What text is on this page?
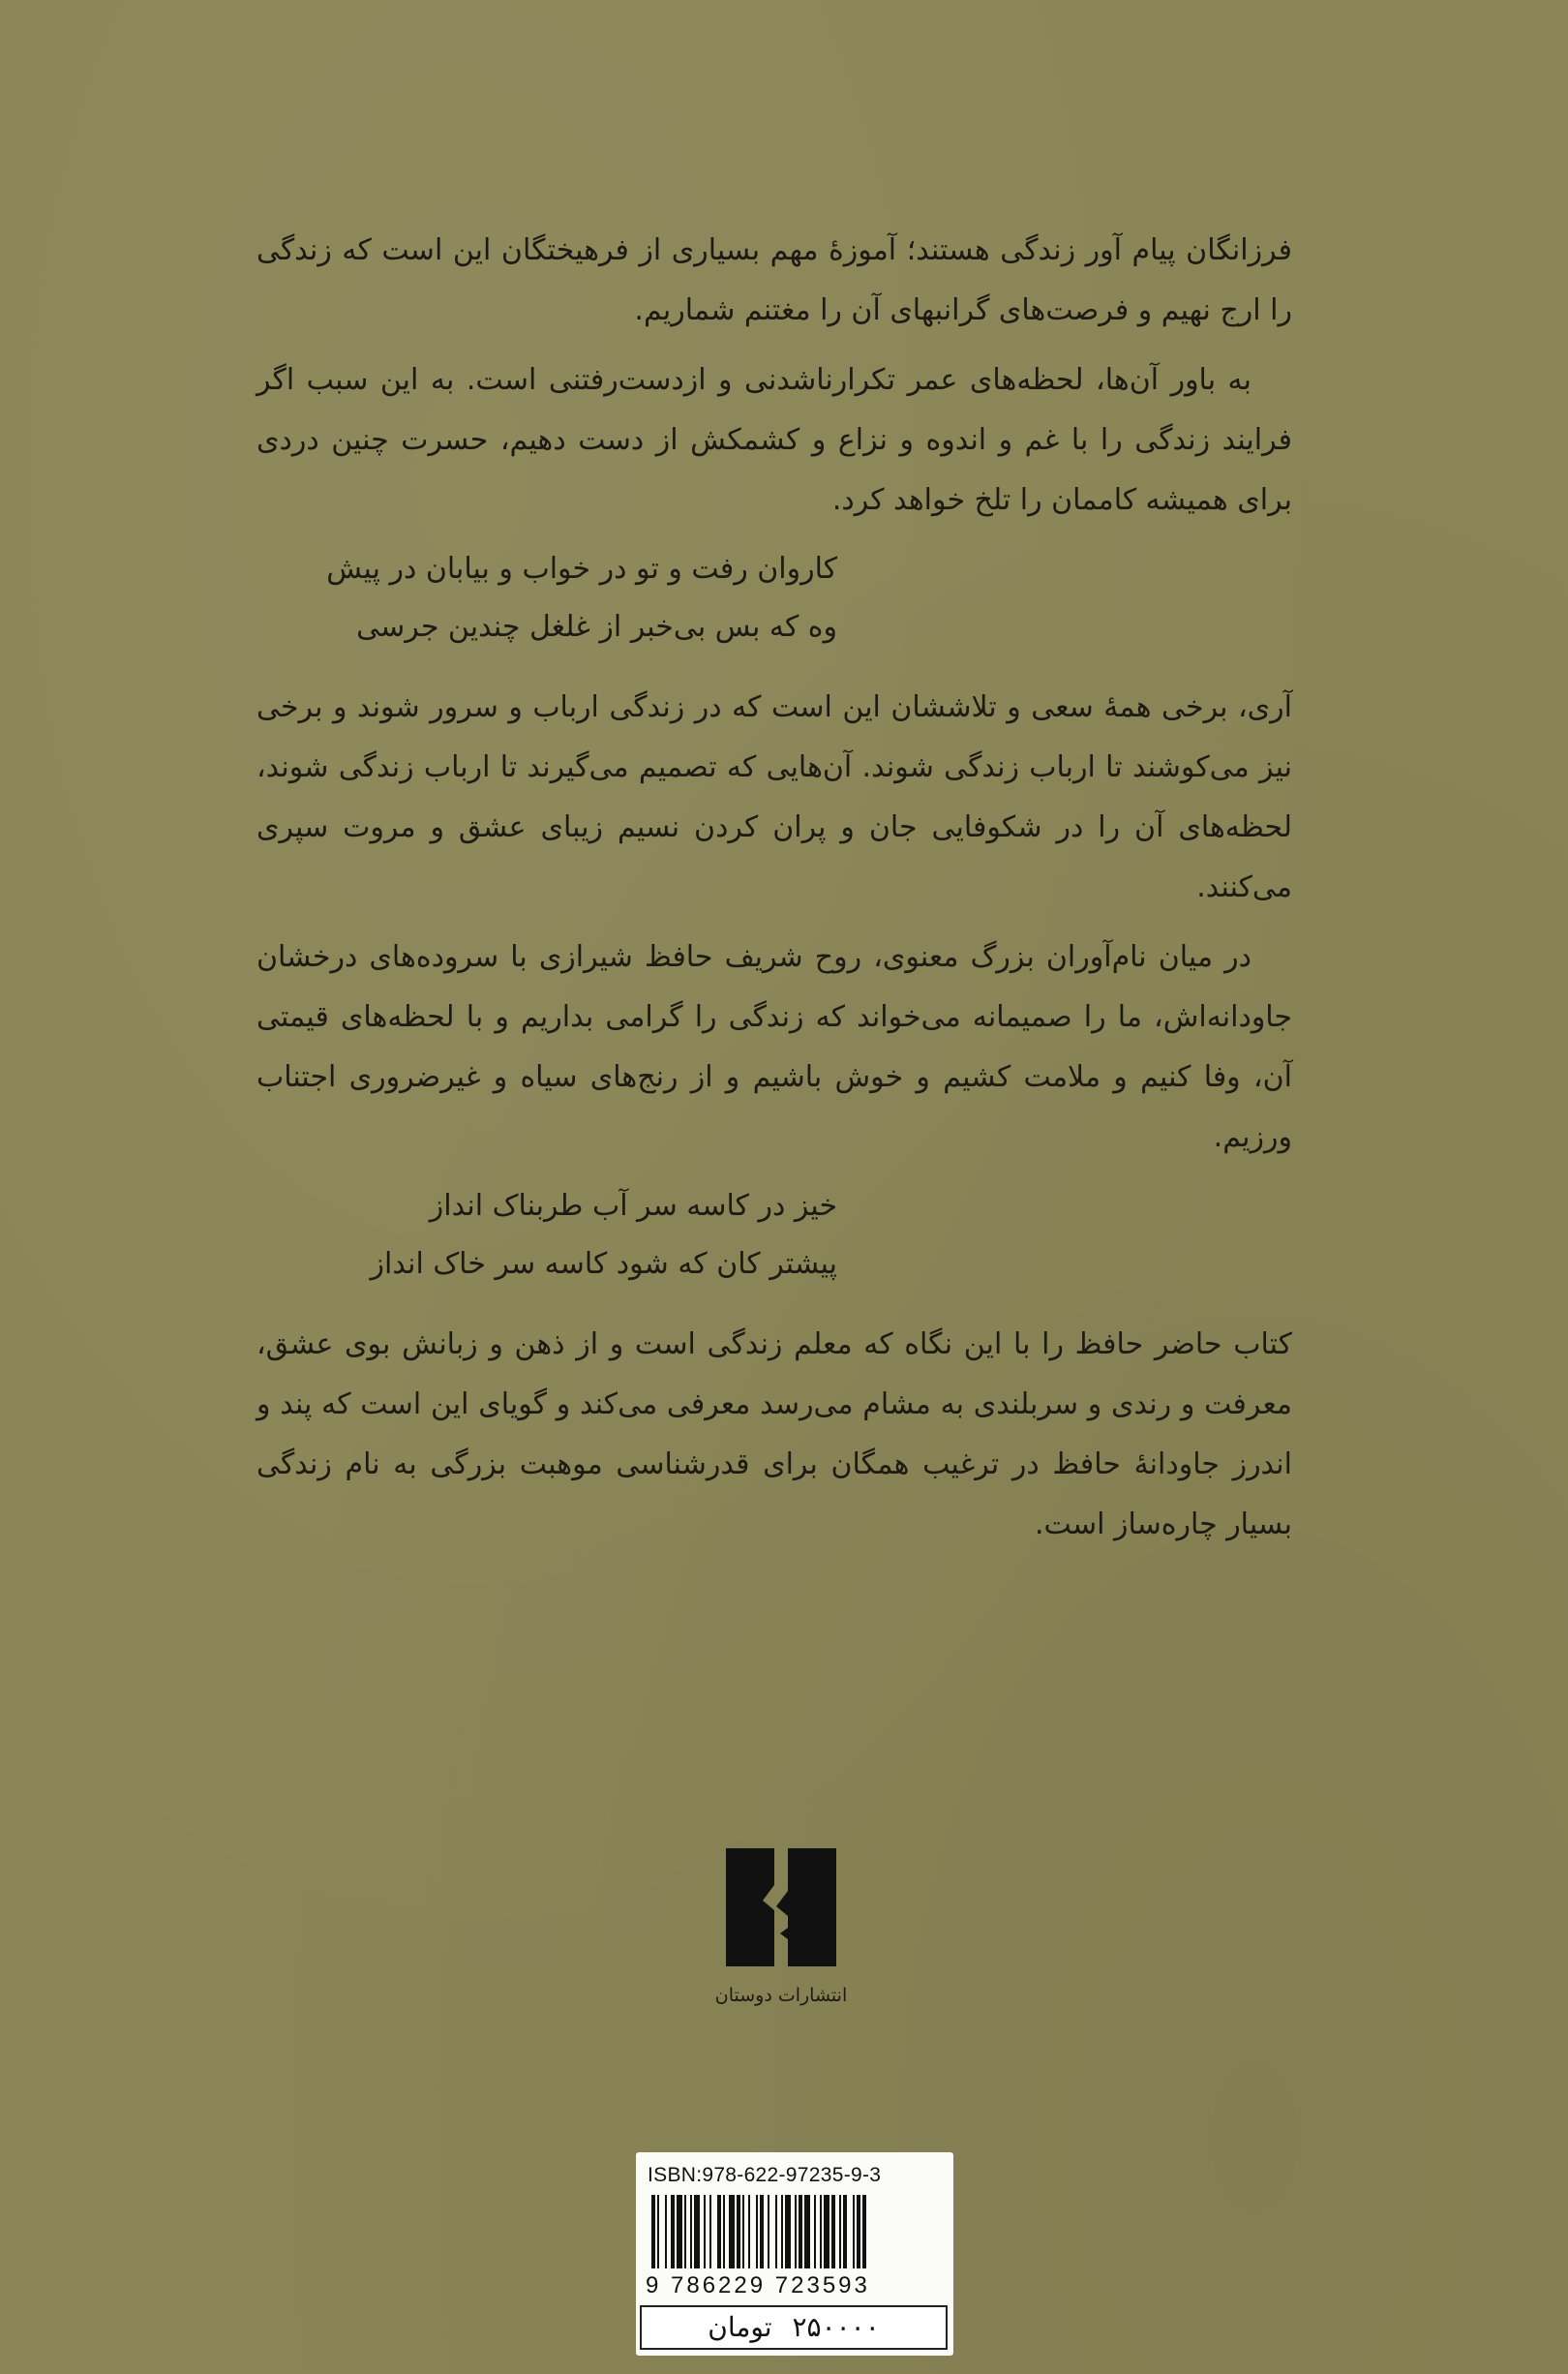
فرزانگان پیام آور زندگی هستند؛ آموزهٔ مهم بسیاری از فرهیختگان این است که زندگی را ارج نهیم و فرصت‌های گرانبهای آن را مغتنم شماریم.

به باور آن‌ها، لحظه‌های عمر تکرارناشدنی و ازدست‌رفتنی است. به این سبب اگر فرایند زندگی را با غم و اندوه و نزاع و کشمکش از دست دهیم، حسرت چنین دردی برای همیشه کاممان را تلخ خواهد کرد.

کاروان رفت و تو در خواب و بیابان در پیش
وه که بس بی‌خبر از غلغل چندین جرسی

آری، برخی همهٔ سعی و تلاششان این است که در زندگی ارباب و سرور شوند و برخی نیز می‌کوشند تا ارباب زندگی شوند. آن‌هایی که تصمیم می‌گیرند تا ارباب زندگی شوند، لحظه‌های آن را در شکوفایی جان و پران کردن نسیم زیبای عشق و مروت سپری می‌کنند.

در میان نام‌آوران بزرگ معنوی، روح شریف حافظ شیرازی با سروده‌های درخشان جاودانه‌اش، ما را صمیمانه می‌خواند که زندگی را گرامی بداریم و با لحظه‌های قیمتی آن، وفا کنیم و ملامت کشیم و خوش باشیم و از رنج‌های سیاه و غیرضروری اجتناب ورزیم.

خیز در کاسه سر آب طربناک انداز
پیشتر کان که شود کاسه سر خاک انداز

کتاب حاضر حافظ را با این نگاه که معلم زندگی است و از ذهن و زبانش بوی عشق، معرفت و رندی و سربلندی به مشام می‌رسد معرفی می‌کند و گویای این است که پند و اندرز جاودانهٔ حافظ در ترغیب همگان برای قدرشناسی موهبت بزرگی به نام زندگی بسیار چاره‌ساز است.

انتشارات دوستان
ISBN:978-622-97235-9-3
9 786229 723593
۲۵۰۰۰۰ تومان
